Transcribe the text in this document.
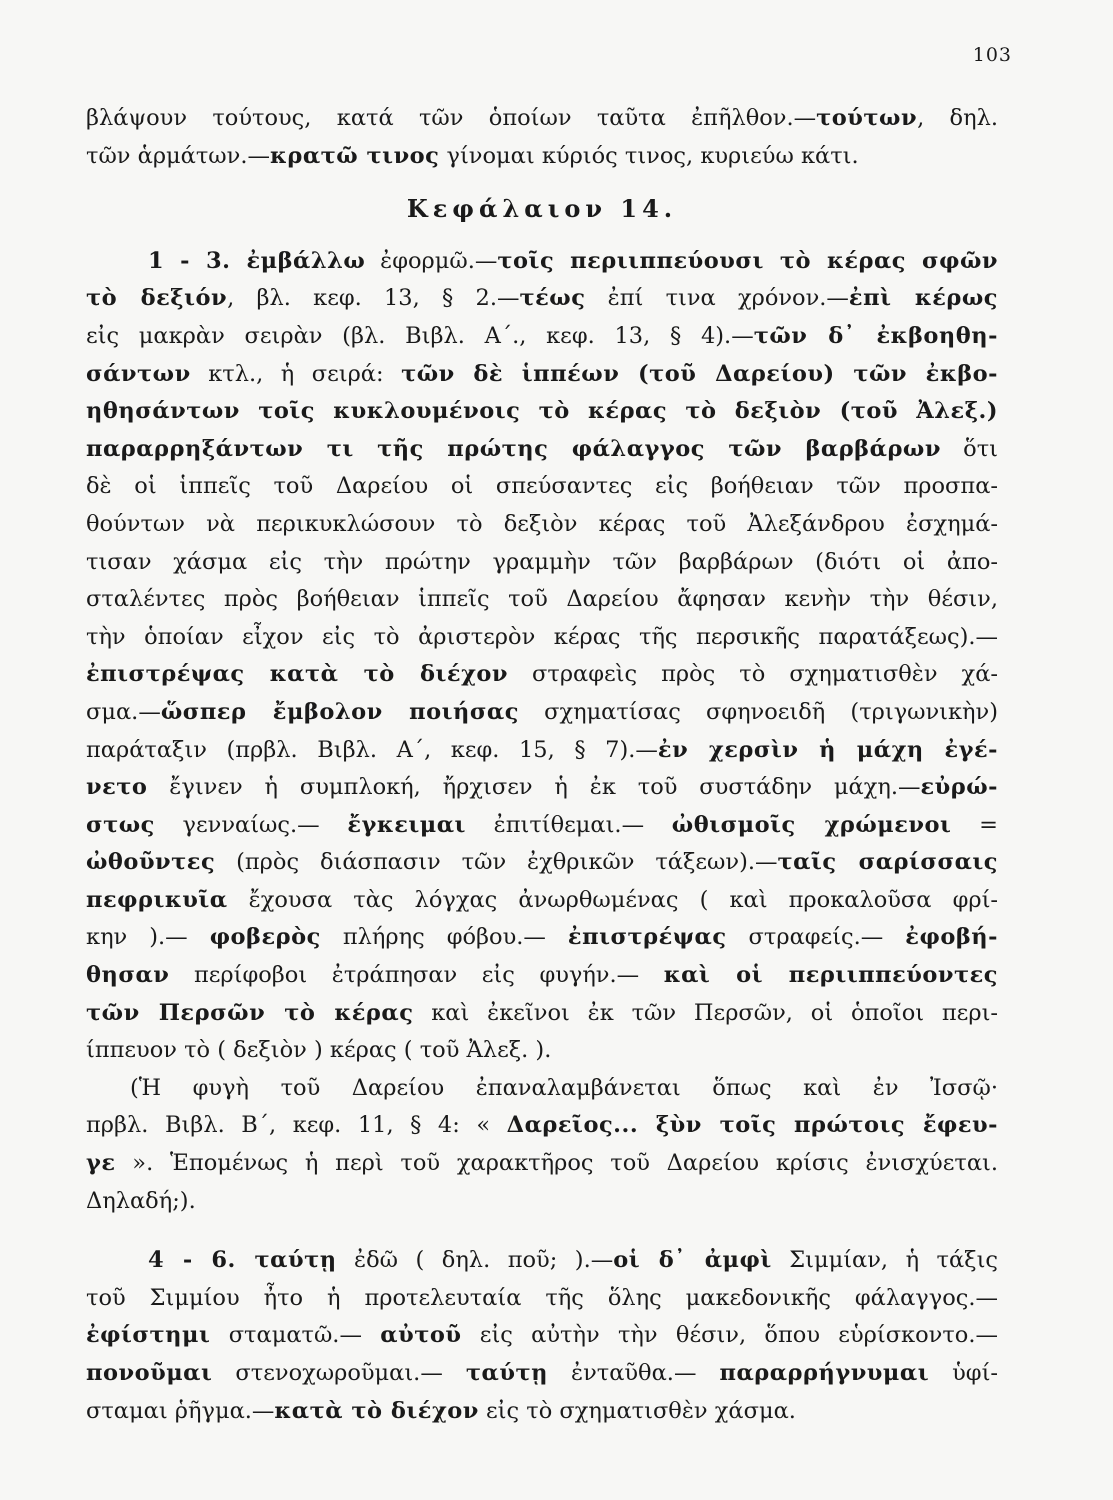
103
βλάψουν τούτους, κατά τῶν ὁποίων ταῦτα ἐπῆλθον.—τούτων, δηλ.
τῶν ἁρμάτων.—κρατῶ τινος γίνομαι κύριός τινος, κυριεύω κάτι.
Κεφάλαιον 14.
1 - 3. ἐμβάλλω ἐφορμῶ.—τοῖς περιιππεύουσι τὸ κέρας σφῶν
τὸ δεξιόν, βλ. κεφ. 13, § 2.—τέως ἐπί τινα χρόνον.—ἐπὶ κέρως
εἰς μακρὰν σειρὰν (βλ. Βιβλ. Α΄., κεφ. 13, § 4).—τῶν δ᾽ ἐκβοηθη-
σάντων κτλ., ἡ σειρά: τῶν δὲ ἱππέων (τοῦ Δαρείου) τῶν ἐκβο-
ηθησάντων τοῖς κυκλουμένοις τὸ κέρας τὸ δεξιὸν (τοῦ Ἀλεξ.)
παραρρηξάντων τι τῆς πρώτης φάλαγγος τῶν βαρβάρων ὅτι
δὲ οἱ ἱππεῖς τοῦ Δαρείου οἱ σπεύσαντες εἰς βοήθειαν τῶν προσπα-
θούντων νὰ περικυκλώσουν τὸ δεξιὸν κέρας τοῦ Ἀλεξάνδρου ἐσχημά-
τισαν χάσμα εἰς τὴν πρώτην γραμμὴν τῶν βαρβάρων (διότι οἱ ἀπο-
σταλέντες πρὸς βοήθειαν ἱππεῖς τοῦ Δαρείου ἄφησαν κενὴν τὴν θέσιν,
τὴν ὁποίαν εἶχον εἰς τὸ ἀριστερὸν κέρας τῆς περσικῆς παρατάξεως).—
ἐπιστρέψας κατὰ τὸ διέχον στραφεὶς πρὸς τὸ σχηματισθὲν χά-
σμα.—ὥσπερ ἔμβολον ποιήσας σχηματίσας σφηνοειδῆ (τριγωνικὴν)
παράταξιν (πρβλ. Βιβλ. Α΄, κεφ. 15, § 7).—ἐν χερσὶν ἡ μάχη ἐγέ-
νετο ἔγινεν ἡ συμπλοκή, ἤρχισεν ἡ ἐκ τοῦ συστάδην μάχη.—εὐρώ-
στως γενναίως.— ἔγκειμαι ἐπιτίθεμαι.— ὠθισμοῖς χρώμενοι =
ὠθοῦντες (πρὸς διάσπασιν τῶν ἐχθρικῶν τάξεων).—ταῖς σαρίσσαις
πεφρικυῖα ἔχουσα τὰς λόγχας ἀνωρθωμένας ( καὶ προκαλοῦσα φρί-
κην ).— φοβερὸς πλήρης φόβου.— ἐπιστρέψας στραφείς.— ἐφοβή-
θησαν περίφοβοι ἐτράπησαν εἰς φυγήν.— καὶ οἱ περιιππεύοντες
τῶν Περσῶν τὸ κέρας καὶ ἐκεῖνοι ἐκ τῶν Περσῶν, οἱ ὁποῖοι περι-
ίππευον τὸ ( δεξιὸν ) κέρας ( τοῦ Ἀλεξ. ).
(Ἡ φυγὴ τοῦ Δαρείου ἐπαναλαμβάνεται ὅπως καὶ ἐν Ἰσσῷ·
πρβλ. Βιβλ. Β΄, κεφ. 11, § 4: « Δαρεῖος... ξὺν τοῖς πρώτοις ἔφευ-
γε ». Ἑπομένως ἡ περὶ τοῦ χαρακτῆρος τοῦ Δαρείου κρίσις ἐνισχύεται.
Δηλαδή;).
4 - 6. ταύτῃ ἐδῶ ( δηλ. ποῦ; ).—οἱ δ᾽ ἀμφὶ Σιμμίαν, ἡ τάξις
τοῦ Σιμμίου ἦτο ἡ προτελευταία τῆς ὅλης μακεδονικῆς φάλαγγος.—
ἐφίστημι σταματῶ.— αὐτοῦ εἰς αὐτὴν τὴν θέσιν, ὅπου εὑρίσκοντο.—
πονοῦμαι στενοχωροῦμαι.— ταύτῃ ἐνταῦθα.— παραρρήγνυμαι ὑφί-
σταμαι ῥῆγμα.—κατὰ τὸ διέχον εἰς τὸ σχηματισθὲν χάσμα.
